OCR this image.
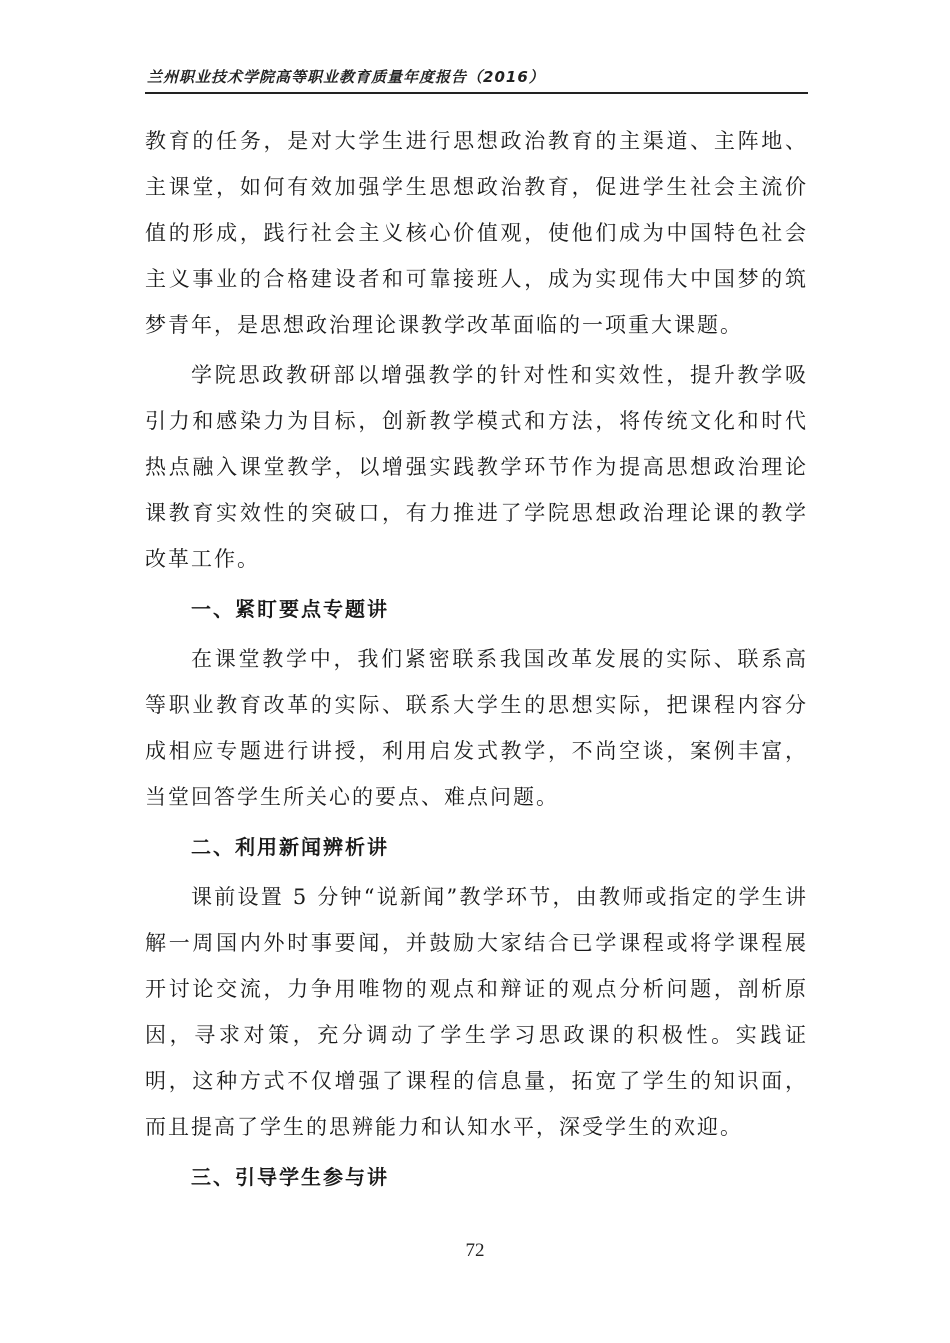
兰州职业技术学院高等职业教育质量年度报告（2016）

教育的任务，是对大学生进行思想政治教育的主渠道、主阵地、主课堂，如何有效加强学生思想政治教育，促进学生社会主流价值的形成，践行社会主义核心价值观，使他们成为中国特色社会主义事业的合格建设者和可靠接班人，成为实现伟大中国梦的筑梦青年，是思想政治理论课教学改革面临的一项重大课题。

学院思政教研部以增强教学的针对性和实效性，提升教学吸引力和感染力为目标，创新教学模式和方法，将传统文化和时代热点融入课堂教学，以增强实践教学环节作为提高思想政治理论课教育实效性的突破口，有力推进了学院思想政治理论课的教学改革工作。

一、紧盯要点专题讲

在课堂教学中，我们紧密联系我国改革发展的实际、联系高等职业教育改革的实际、联系大学生的思想实际，把课程内容分成相应专题进行讲授，利用启发式教学，不尚空谈，案例丰富，当堂回答学生所关心的要点、难点问题。

二、利用新闻辨析讲

课前设置 5 分钟“说新闻”教学环节，由教师或指定的学生讲解一周国内外时事要闻，并鼓励大家结合已学课程或将学课程展开讨论交流，力争用唯物的观点和辩证的观点分析问题，剖析原因，寻求对策，充分调动了学生学习思政课的积极性。实践证明，这种方式不仅增强了课程的信息量，拓宽了学生的知识面，而且提高了学生的思辨能力和认知水平，深受学生的欢迎。

三、引导学生参与讲

72
